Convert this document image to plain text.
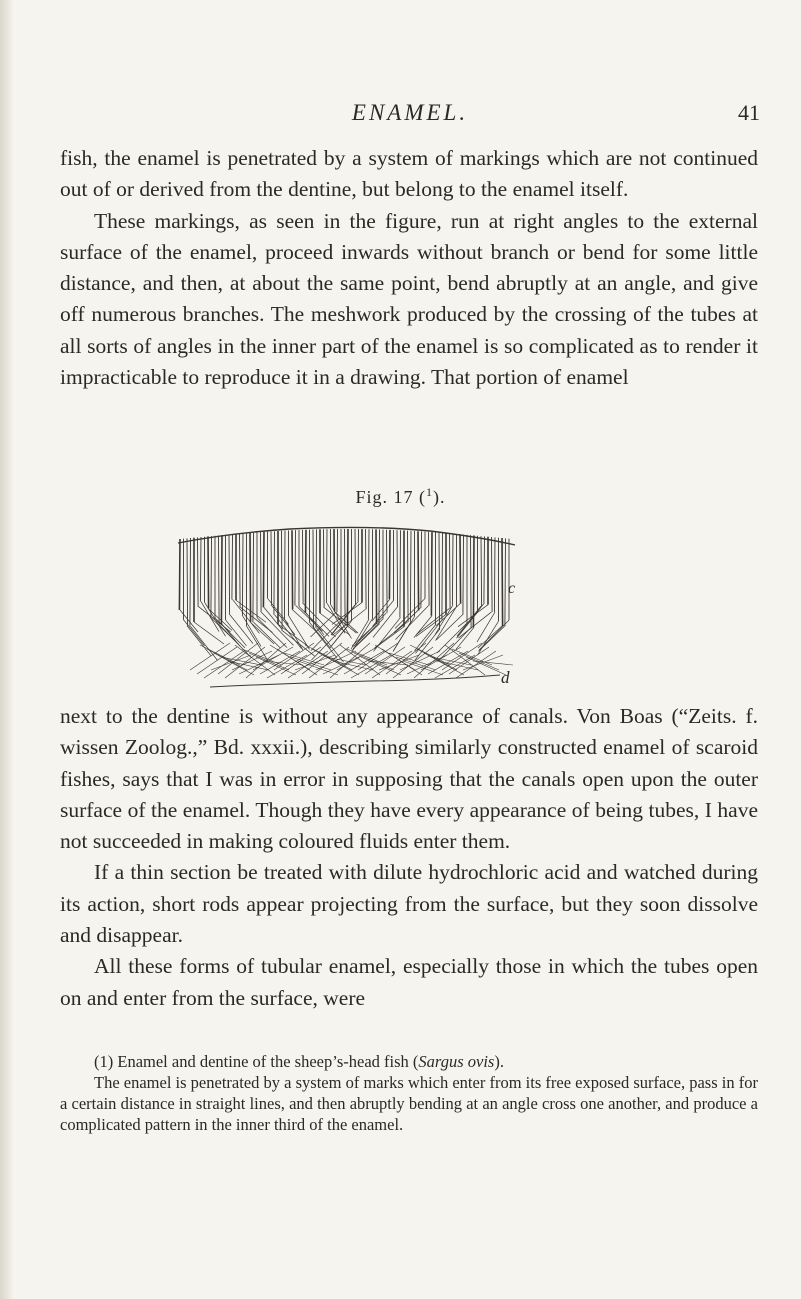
ENAMEL.	41

fish, the enamel is penetrated by a system of markings which are not continued out of or derived from the dentine, but belong to the enamel itself.

These markings, as seen in the figure, run at right angles to the external surface of the enamel, proceed inwards without branch or bend for some little distance, and then, at about the same point, bend abruptly at an angle, and give off numerous branches. The meshwork produced by the crossing of the tubes at all sorts of angles in the inner part of the enamel is so complicated as to render it impracticable to reproduce it in a drawing. That portion of enamel

Fig. 17 ($^1$).
c
d

next to the dentine is without any appearance of canals. Von Boas (“Zeits. f. wissen Zoolog.,” Bd. xxxii.), describing similarly constructed enamel of scaroid fishes, says that I was in error in supposing that the canals open upon the outer surface of the enamel. Though they have every appearance of being tubes, I have not succeeded in making coloured fluids enter them.

If a thin section be treated with dilute hydrochloric acid and watched during its action, short rods appear projecting from the surface, but they soon dissolve and disappear.

All these forms of tubular enamel, especially those in which the tubes open on and enter from the surface, were

(1) Enamel and dentine of the sheep’s-head fish (Sargus ovis).

The enamel is penetrated by a system of marks which enter from its free exposed surface, pass in for a certain distance in straight lines, and then abruptly bending at an angle cross one another, and produce a complicated pattern in the inner third of the enamel.
